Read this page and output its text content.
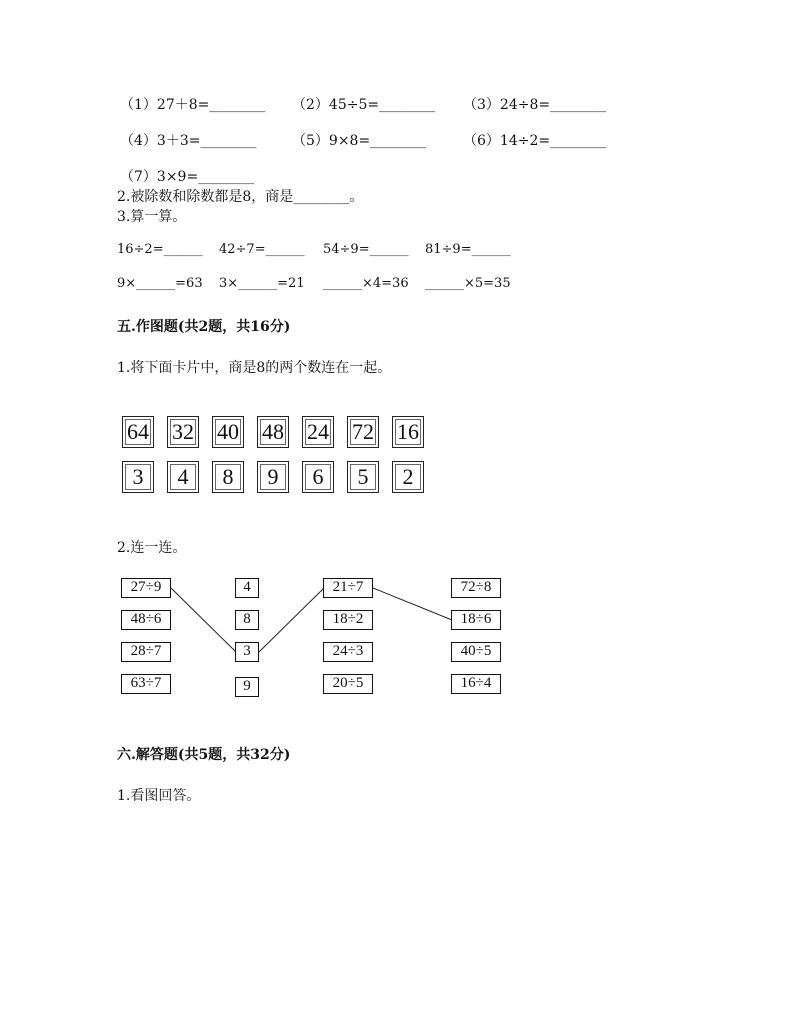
（1）27＋8=________ （2）45÷5=________ （3）24÷8=________
（4）3＋3=________	（5）9×8=________	（6）14÷2=________
（7）3×9=________
2.被除数和除数都是8，商是________。
3.算一算。
16÷2=______ 42÷7=______ 54÷9=______ 81÷9=______
9×______=63 3×______=21 ______×4=36 ______×5=35
五.作图题(共2题，共16分)
1.将下面卡片中，商是8的两个数连在一起。
64 32 40 48 24 72 16
3	4	8	9	6	5	2
2.连一连。
27÷9
48÷6
28÷7
63÷7
4
8
3
9
21÷7
18÷2
24÷3
20÷5
72÷8
18÷6
40÷5
16÷4
六.解答题(共5题，共32分)
1.看图回答。
